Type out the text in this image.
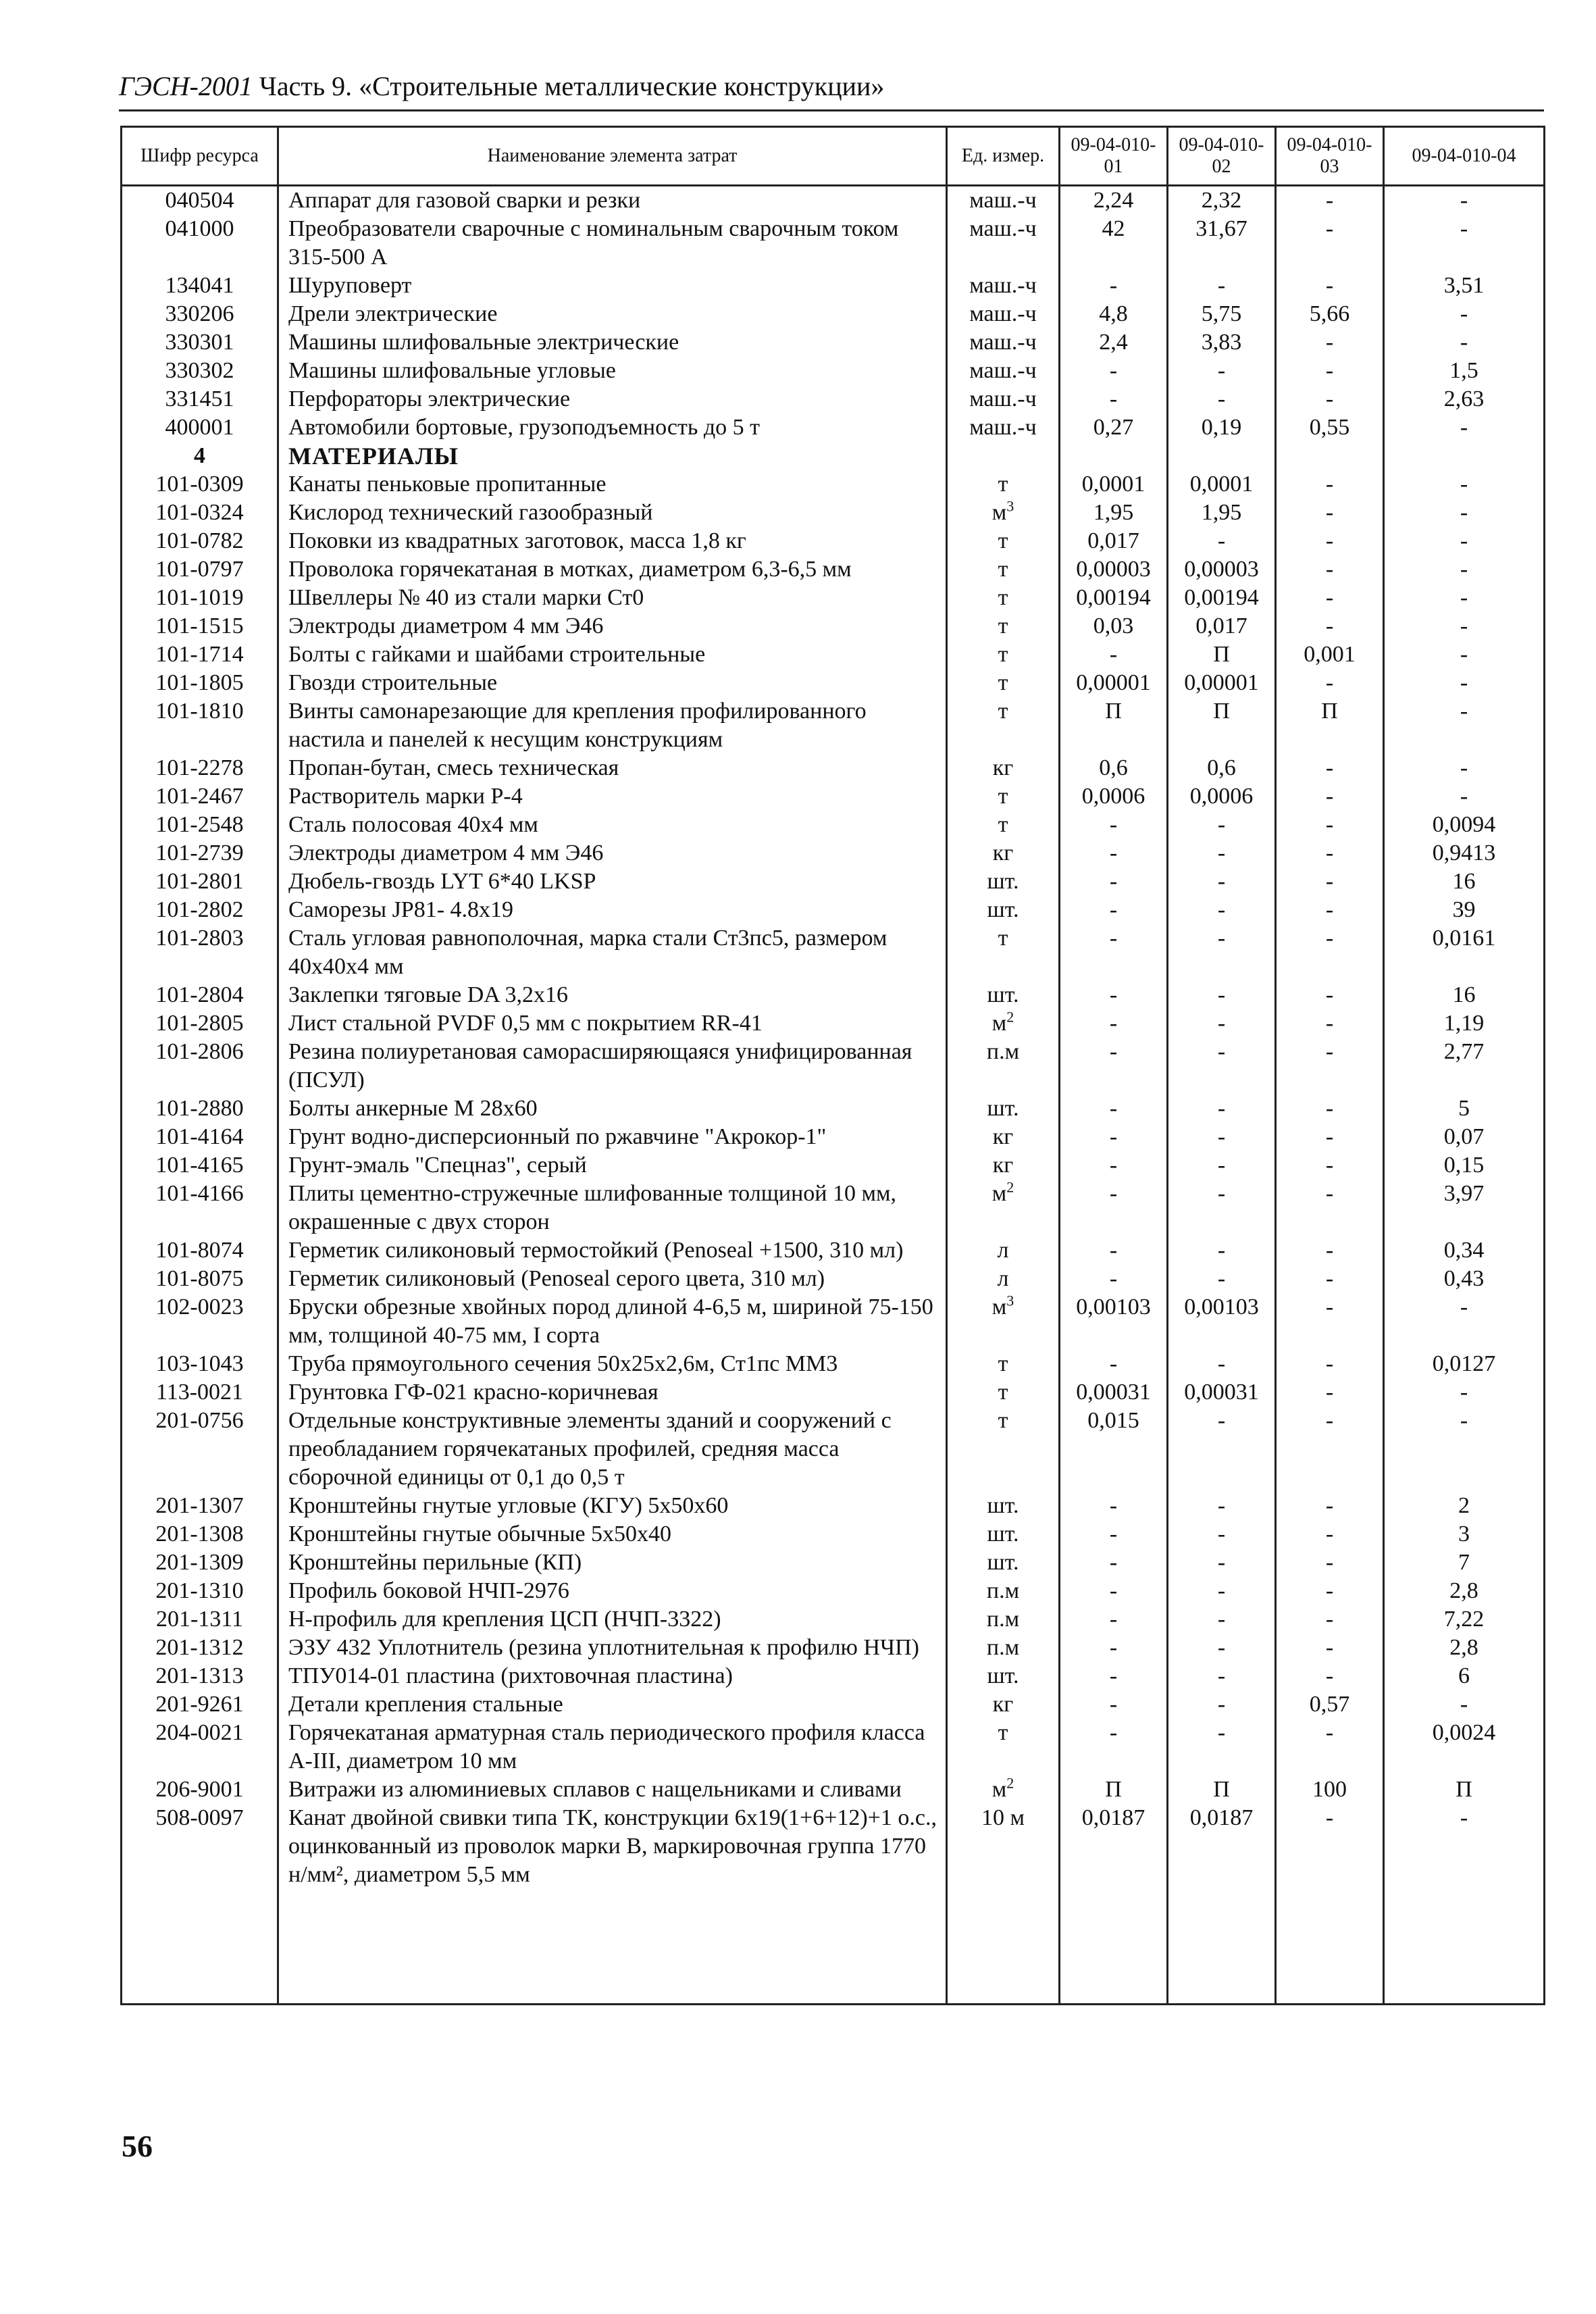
ГЭСН-2001 Часть 9. «Строительные металлические конструкции»
Шифр ресурса	Наименование элемента затрат	Ед. измер.	09-04-010-01	09-04-010-02	09-04-010-03	09-04-010-04
040504	Аппарат для газовой сварки и резки	маш.-ч	2,24	2,32	-	-
041000	Преобразователи сварочные с номинальным сварочным током 315-500 А	маш.-ч	42	31,67	-	-
134041	Шуруповерт	маш.-ч	-	-	-	3,51
330206	Дрели электрические	маш.-ч	4,8	5,75	5,66	-
330301	Машины шлифовальные электрические	маш.-ч	2,4	3,83	-	-
330302	Машины шлифовальные угловые	маш.-ч	-	-	-	1,5
331451	Перфораторы электрические	маш.-ч	-	-	-	2,63
400001	Автомобили бортовые, грузоподъемность до 5 т	маш.-ч	0,27	0,19	0,55	-
4	МАТЕРИАЛЫ					
101-0309	Канаты пеньковые пропитанные	т	0,0001	0,0001	-	-
101-0324	Кислород технический газообразный	$м^3$	1,95	1,95	-	-
101-0782	Поковки из квадратных заготовок, масса 1,8 кг	т	0,017	-	-	-
101-0797	Проволока горячекатаная в мотках, диаметром 6,3-6,5 мм	т	0,00003	0,00003	-	-
101-1019	Швеллеры № 40 из стали марки Ст0	т	0,00194	0,00194	-	-
101-1515	Электроды диаметром 4 мм Э46	т	0,03	0,017	-	-
101-1714	Болты с гайками и шайбами строительные	т	-	П	0,001	-
101-1805	Гвозди строительные	т	0,00001	0,00001	-	-
101-1810	Винты самонарезающие для крепления профилированного настила и панелей к несущим конструкциям	т	П	П	П	-
101-2278	Пропан-бутан, смесь техническая	кг	0,6	0,6	-	-
101-2467	Растворитель марки Р-4	т	0,0006	0,0006	-	-
101-2548	Сталь полосовая 40х4 мм	т	-	-	-	0,0094
101-2739	Электроды диаметром 4 мм Э46	кг	-	-	-	0,9413
101-2801	Дюбель-гвоздь LYT 6*40 LKSP	шт.	-	-	-	16
101-2802	Саморезы JP81- 4.8х19	шт.	-	-	-	39
101-2803	Сталь угловая равнополочная, марка стали Ст3пс5, размером 40х40х4 мм	т	-	-	-	0,0161
101-2804	Заклепки тяговые DA 3,2х16	шт.	-	-	-	16
101-2805	Лист стальной PVDF 0,5 мм с покрытием RR-41	$м^2$	-	-	-	1,19
101-2806	Резина полиуретановая саморасширяющаяся унифицированная (ПСУЛ)	п.м	-	-	-	2,77
101-2880	Болты анкерные М 28х60	шт.	-	-	-	5
101-4164	Грунт водно-дисперсионный по ржавчине "Акрокор-1"	кг	-	-	-	0,07
101-4165	Грунт-эмаль "Спецназ", серый	кг	-	-	-	0,15
101-4166	Плиты цементно-стружечные шлифованные толщиной 10 мм, окрашенные с двух сторон	$м^2$	-	-	-	3,97
101-8074	Герметик силиконовый термостойкий (Penoseal +1500, 310 мл)	л	-	-	-	0,34
101-8075	Герметик силиконовый (Penoseal серого цвета, 310 мл)	л	-	-	-	0,43
102-0023	Бруски обрезные хвойных пород длиной 4-6,5 м, шириной 75-150 мм, толщиной 40-75 мм, I сорта	$м^3$	0,00103	0,00103	-	-
103-1043	Труба прямоугольного сечения 50х25х2,6м, Ст1пс ММ3	т	-	-	-	0,0127
113-0021	Грунтовка ГФ-021 красно-коричневая	т	0,00031	0,00031	-	-
201-0756	Отдельные конструктивные элементы зданий и сооружений с преобладанием горячекатаных профилей, средняя масса сборочной единицы от 0,1 до 0,5 т	т	0,015	-	-	-
201-1307	Кронштейны гнутые угловые (КГУ) 5х50х60	шт.	-	-	-	2
201-1308	Кронштейны гнутые обычные 5х50х40	шт.	-	-	-	3
201-1309	Кронштейны перильные (КП)	шт.	-	-	-	7
201-1310	Профиль боковой НЧП-2976	п.м	-	-	-	2,8
201-1311	Н-профиль для крепления ЦСП (НЧП-3322)	п.м	-	-	-	7,22
201-1312	ЭЗУ 432 Уплотнитель (резина уплотнительная к профилю НЧП)	п.м	-	-	-	2,8
201-1313	ТПУ014-01 пластина (рихтовочная пластина)	шт.	-	-	-	6
201-9261	Детали крепления стальные	кг	-	-	0,57	-
204-0021	Горячекатаная арматурная сталь периодического профиля класса А-III, диаметром 10 мм	т	-	-	-	0,0024
206-9001	Витражи из алюминиевых сплавов с нащельниками и сливами	$м^2$	П	П	100	П
508-0097	Канат двойной свивки типа ТК, конструкции 6х19(1+6+12)+1 о.с., оцинкованный из проволок марки В, маркировочная группа 1770 н/мм², диаметром 5,5 мм	10 м	0,0187	0,0187	-	-

56
